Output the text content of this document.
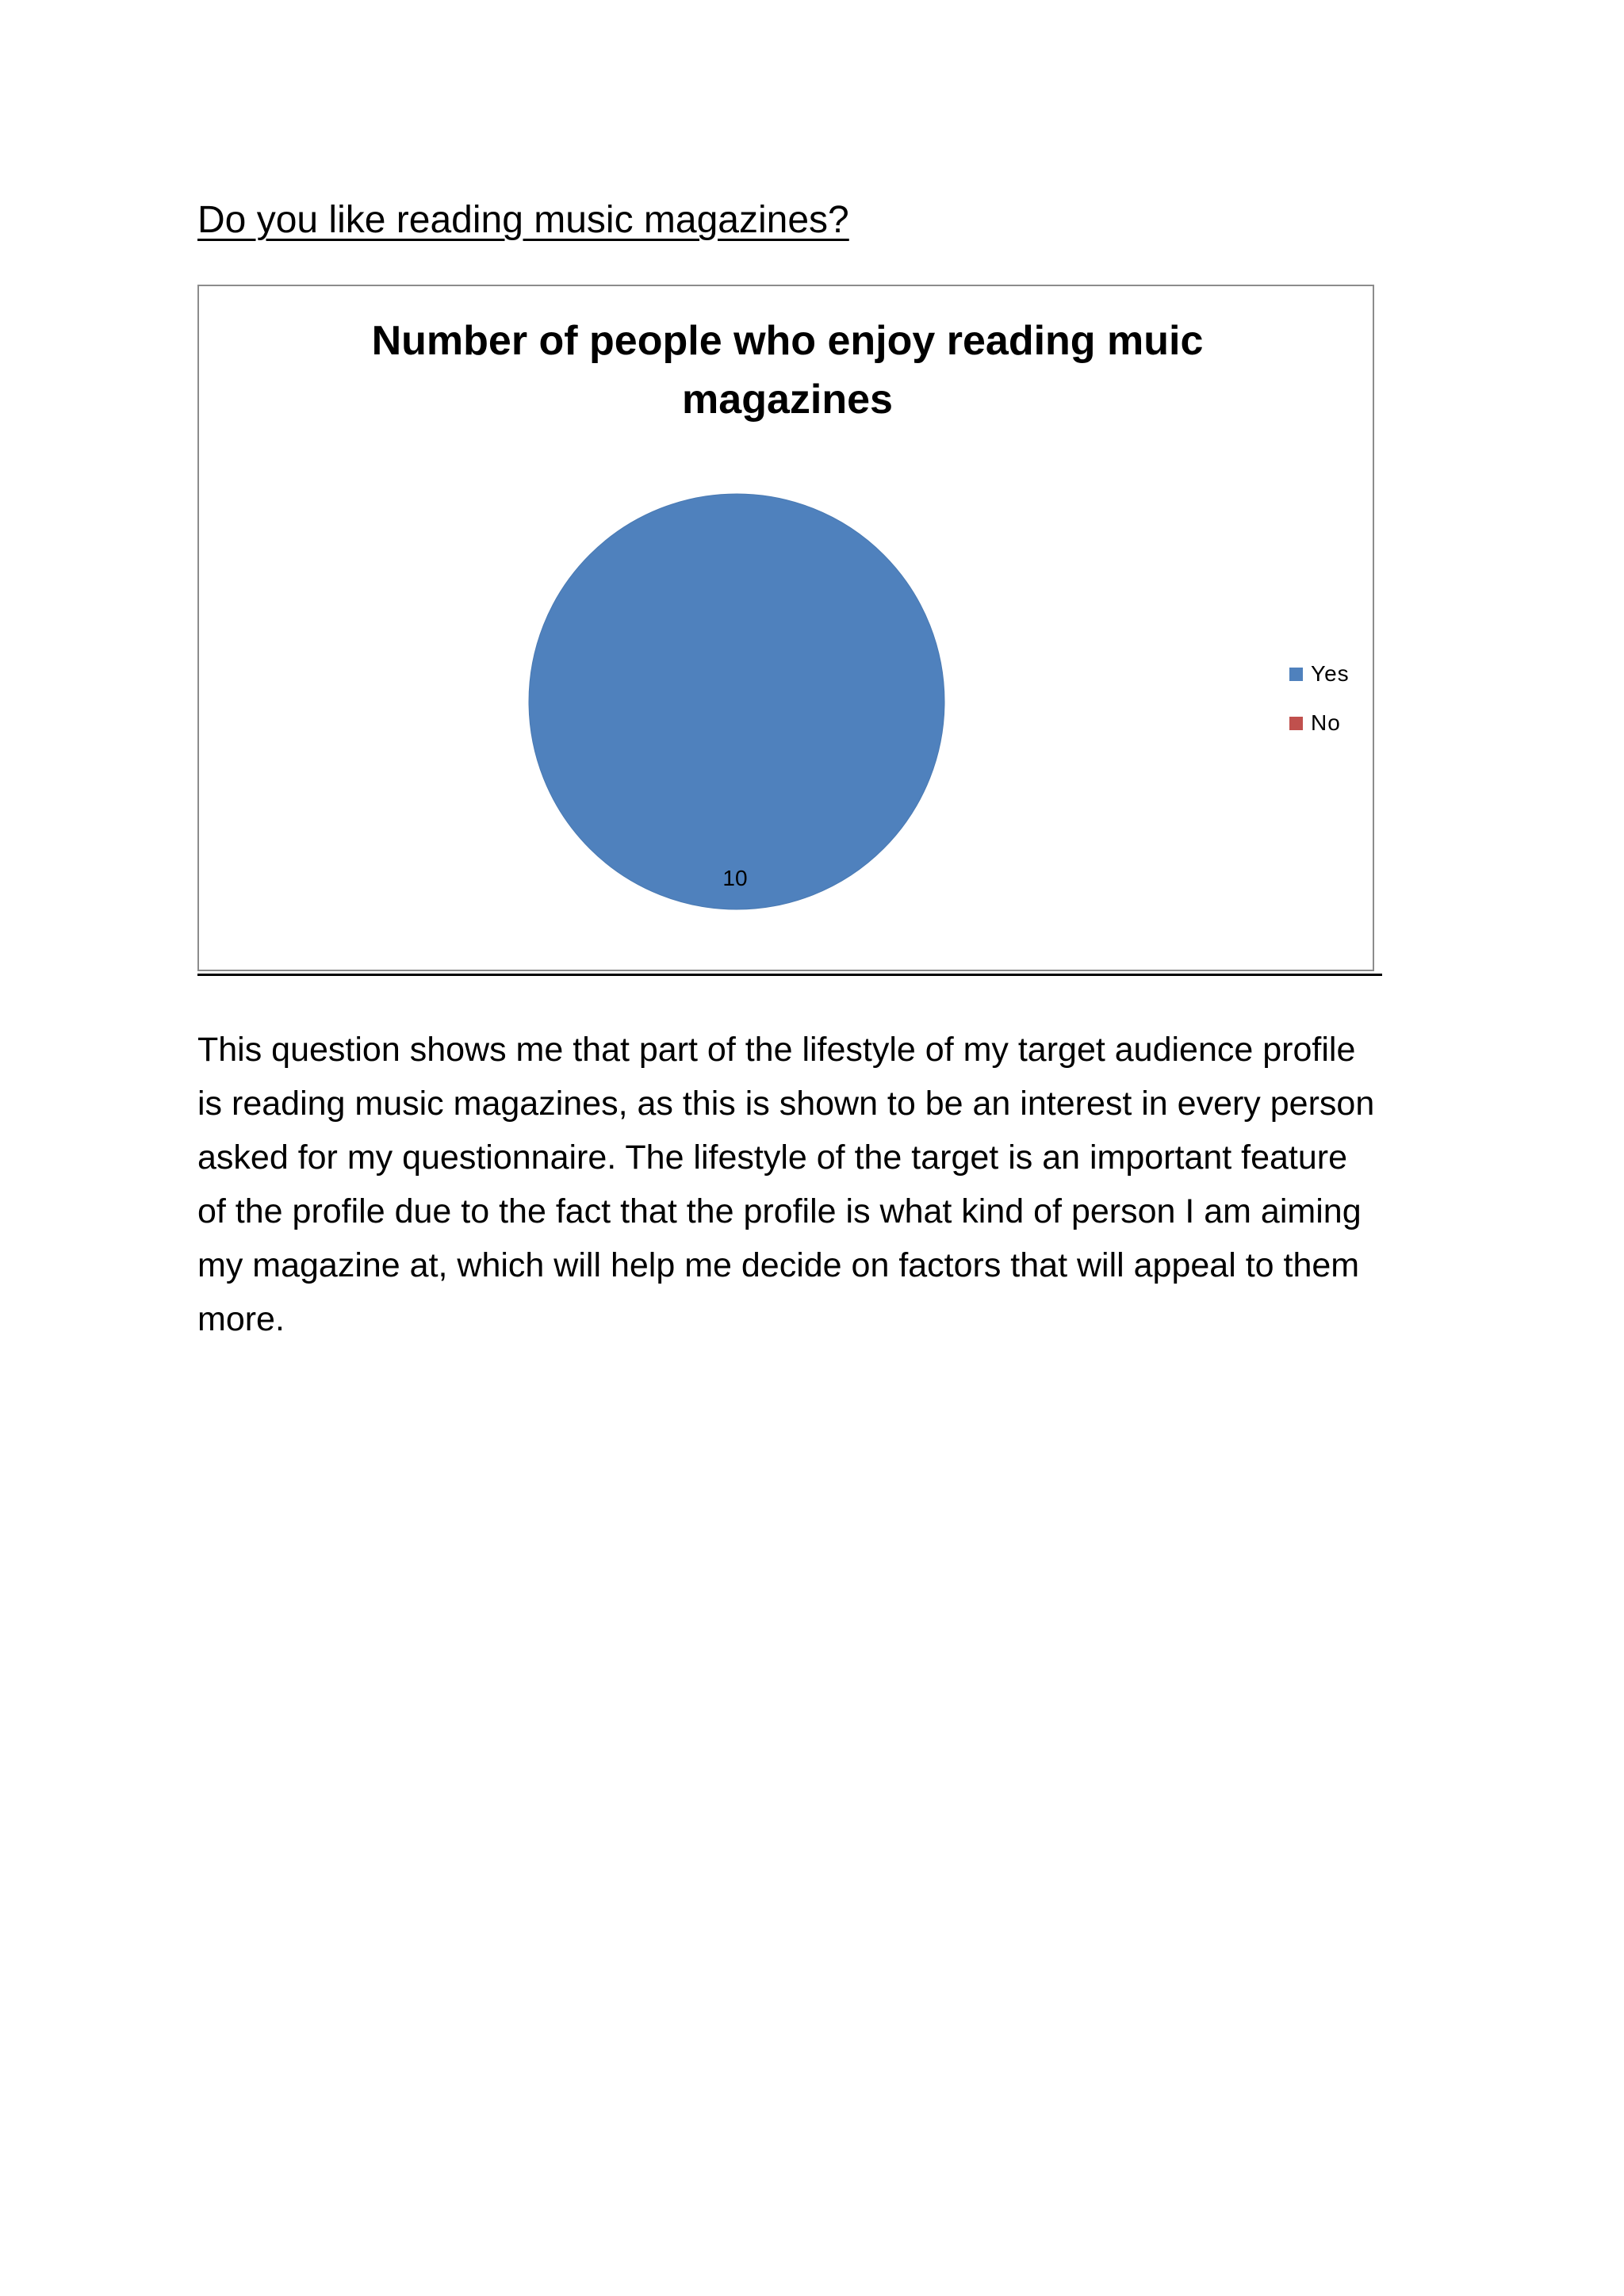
Do you like reading music magazines?
Number of people who enjoy reading muic
magazines
10
Yes
No
This question shows me that part of the lifestyle of my target audience profile
is reading music magazines, as this is shown to be an interest in every person
asked for my questionnaire. The lifestyle of the target is an important feature
of the profile due to the fact that the profile is what kind of person I am aiming
my magazine at, which will help me decide on factors that will appeal to them
more.
